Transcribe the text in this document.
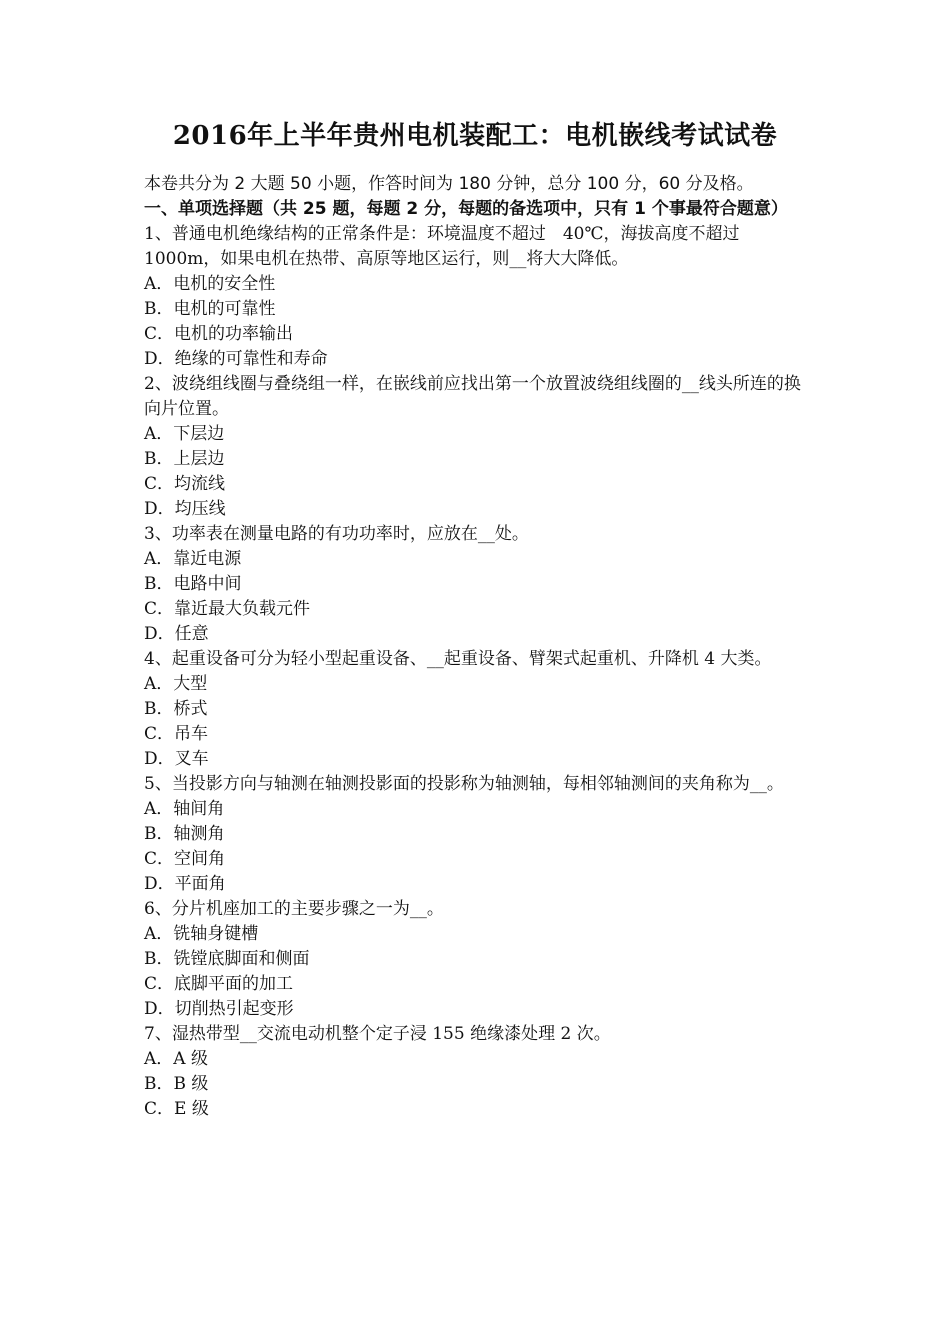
2016年上半年贵州电机装配工：电机嵌线考试试卷
本卷共分为 2 大题 50 小题，作答时间为 180 分钟，总分 100 分，60 分及格。
一、单项选择题（共 25 题，每题 2 分，每题的备选项中，只有 1 个事最符合题意）
1、普通电机绝缘结构的正常条件是：环境温度不超过　40℃，海拔高度不超过 1000m，如果电机在热带、高原等地区运行，则__将大大降低。
A．电机的安全性
B．电机的可靠性
C．电机的功率输出
D．绝缘的可靠性和寿命
2、波绕组线圈与叠绕组一样，在嵌线前应找出第一个放置波绕组线圈的__线头所连的换向片位置。
A．下层边
B．上层边
C．均流线
D．均压线
3、功率表在测量电路的有功功率时，应放在__处。
A．靠近电源
B．电路中间
C．靠近最大负载元件
D．任意
4、起重设备可分为轻小型起重设备、__起重设备、臂架式起重机、升降机 4 大类。
A．大型
B．桥式
C．吊车
D．叉车
5、当投影方向与轴测在轴测投影面的投影称为轴测轴，每相邻轴测间的夹角称为__。
A．轴间角
B．轴测角
C．空间角
D．平面角
6、分片机座加工的主要步骤之一为__。
A．铣轴身键槽
B．铣镗底脚面和侧面
C．底脚平面的加工
D．切削热引起变形
7、湿热带型__交流电动机整个定子浸 155 绝缘漆处理 2 次。
A．A 级
B．B 级
C．E 级
